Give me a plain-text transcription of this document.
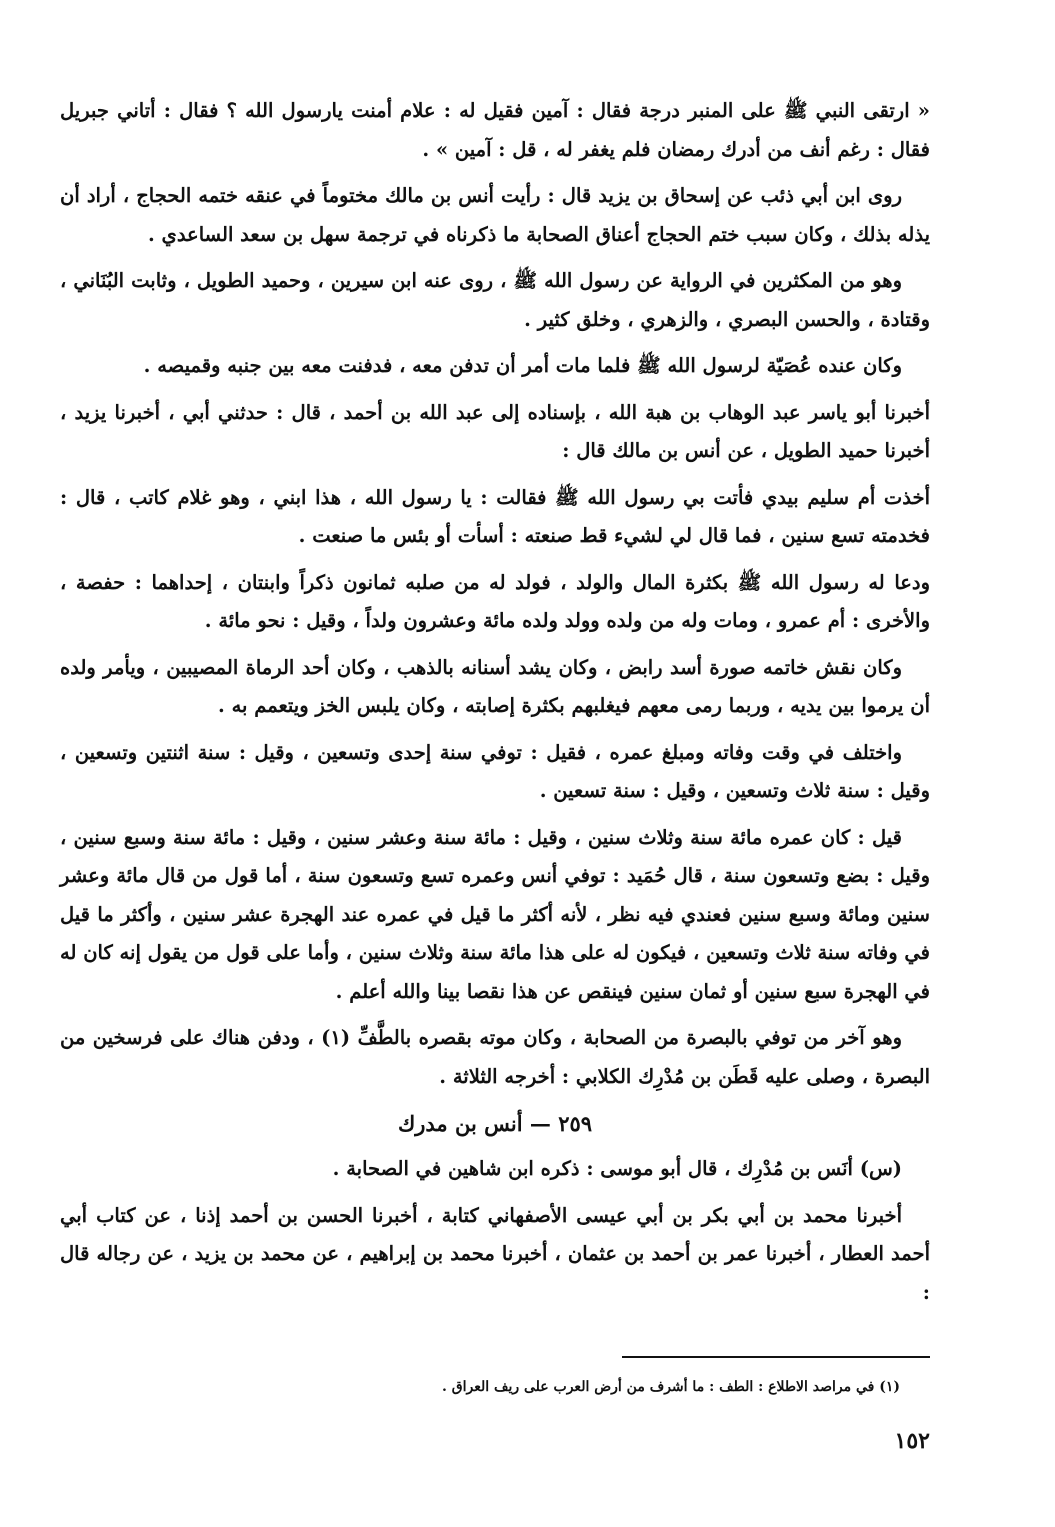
« ارتقى النبي ﷺ على المنبر درجة فقال : آمين فقيل له : علام أمنت يارسول الله ؟ فقال : أتاني جبريل فقال : رغم أنف من أدرك رمضان فلم يغفر له ، قل : آمين » .

روى ابن أبي ذئب عن إسحاق بن يزيد قال : رأيت أنس بن مالك مختوماً في عنقه ختمه الحجاج ، أراد أن يذله بذلك ، وكان سبب ختم الحجاج أعناق الصحابة ما ذكرناه في ترجمة سهل بن سعد الساعدي .

وهو من المكثرين في الرواية عن رسول الله ﷺ ، روى عنه ابن سيرين ، وحميد الطويل ، وثابت البُنَاني ، وقتادة ، والحسن البصري ، والزهري ، وخلق كثير .

وكان عنده عُصَيّة لرسول الله ﷺ فلما مات أمر أن تدفن معه ، فدفنت معه بين جنبه وقميصه .

أخبرنا أبو ياسر عبد الوهاب بن هبة الله ، بإسناده إلى عبد الله بن أحمد ، قال : حدثني أبي ، أخبرنا يزيد ، أخبرنا حميد الطويل ، عن أنس بن مالك قال :

أخذت أم سليم بيدي فأتت بي رسول الله ﷺ فقالت : يا رسول الله ، هذا ابني ، وهو غلام كاتب ، قال : فخدمته تسع سنين ، فما قال لي لشيء قط صنعته : أسأت أو بئس ما صنعت .

ودعا له رسول الله ﷺ بكثرة المال والولد ، فولد له من صلبه ثمانون ذكراً وابنتان ، إحداهما : حفصة ، والأخرى : أم عمرو ، ومات وله من ولده وولد ولده مائة وعشرون ولداً ، وقيل : نحو مائة .

وكان نقش خاتمه صورة أسد رابض ، وكان يشد أسنانه بالذهب ، وكان أحد الرماة المصيبين ، ويأمر ولده أن يرموا بين يديه ، وربما رمى معهم فيغلبهم بكثرة إصابته ، وكان يلبس الخز ويتعمم به .

واختلف في وقت وفاته ومبلغ عمره ، فقيل : توفي سنة إحدى وتسعين ، وقيل : سنة اثنتين وتسعين ، وقيل : سنة ثلاث وتسعين ، وقيل : سنة تسعين .

قيل : كان عمره مائة سنة وثلاث سنين ، وقيل : مائة سنة وعشر سنين ، وقيل : مائة سنة وسبع سنين ، وقيل : بضع وتسعون سنة ، قال حُمَيد : توفي أنس وعمره تسع وتسعون سنة ، أما قول من قال مائة وعشر سنين ومائة وسبع سنين فعندي فيه نظر ، لأنه أكثر ما قيل في عمره عند الهجرة عشر سنين ، وأكثر ما قيل في وفاته سنة ثلاث وتسعين ، فيكون له على هذا مائة سنة وثلاث سنين ، وأما على قول من يقول إنه كان له في الهجرة سبع سنين أو ثمان سنين فينقص عن هذا نقصا بينا والله أعلم .

وهو آخر من توفي بالبصرة من الصحابة ، وكان موته بقصره بالطَّفِّ (١) ، ودفن هناك على فرسخين من البصرة ، وصلى عليه قَطَن بن مُدْرِك الكلابي : أخرجه الثلاثة .

٢٥٩ — أنس بن مدرك

(س) أنَس بن مُدْرِك ، قال أبو موسى : ذكره ابن شاهين في الصحابة .

أخبرنا محمد بن أبي بكر بن أبي عيسى الأصفهاني كتابة ، أخبرنا الحسن بن أحمد إذنا ، عن كتاب أبي أحمد العطار ، أخبرنا عمر بن أحمد بن عثمان ، أخبرنا محمد بن إبراهيم ، عن محمد بن يزيد ، عن رجاله قال :

(١) في مراصد الاطلاع : الطف : ما أشرف من أرض العرب على ريف العراق .
١٥٢
